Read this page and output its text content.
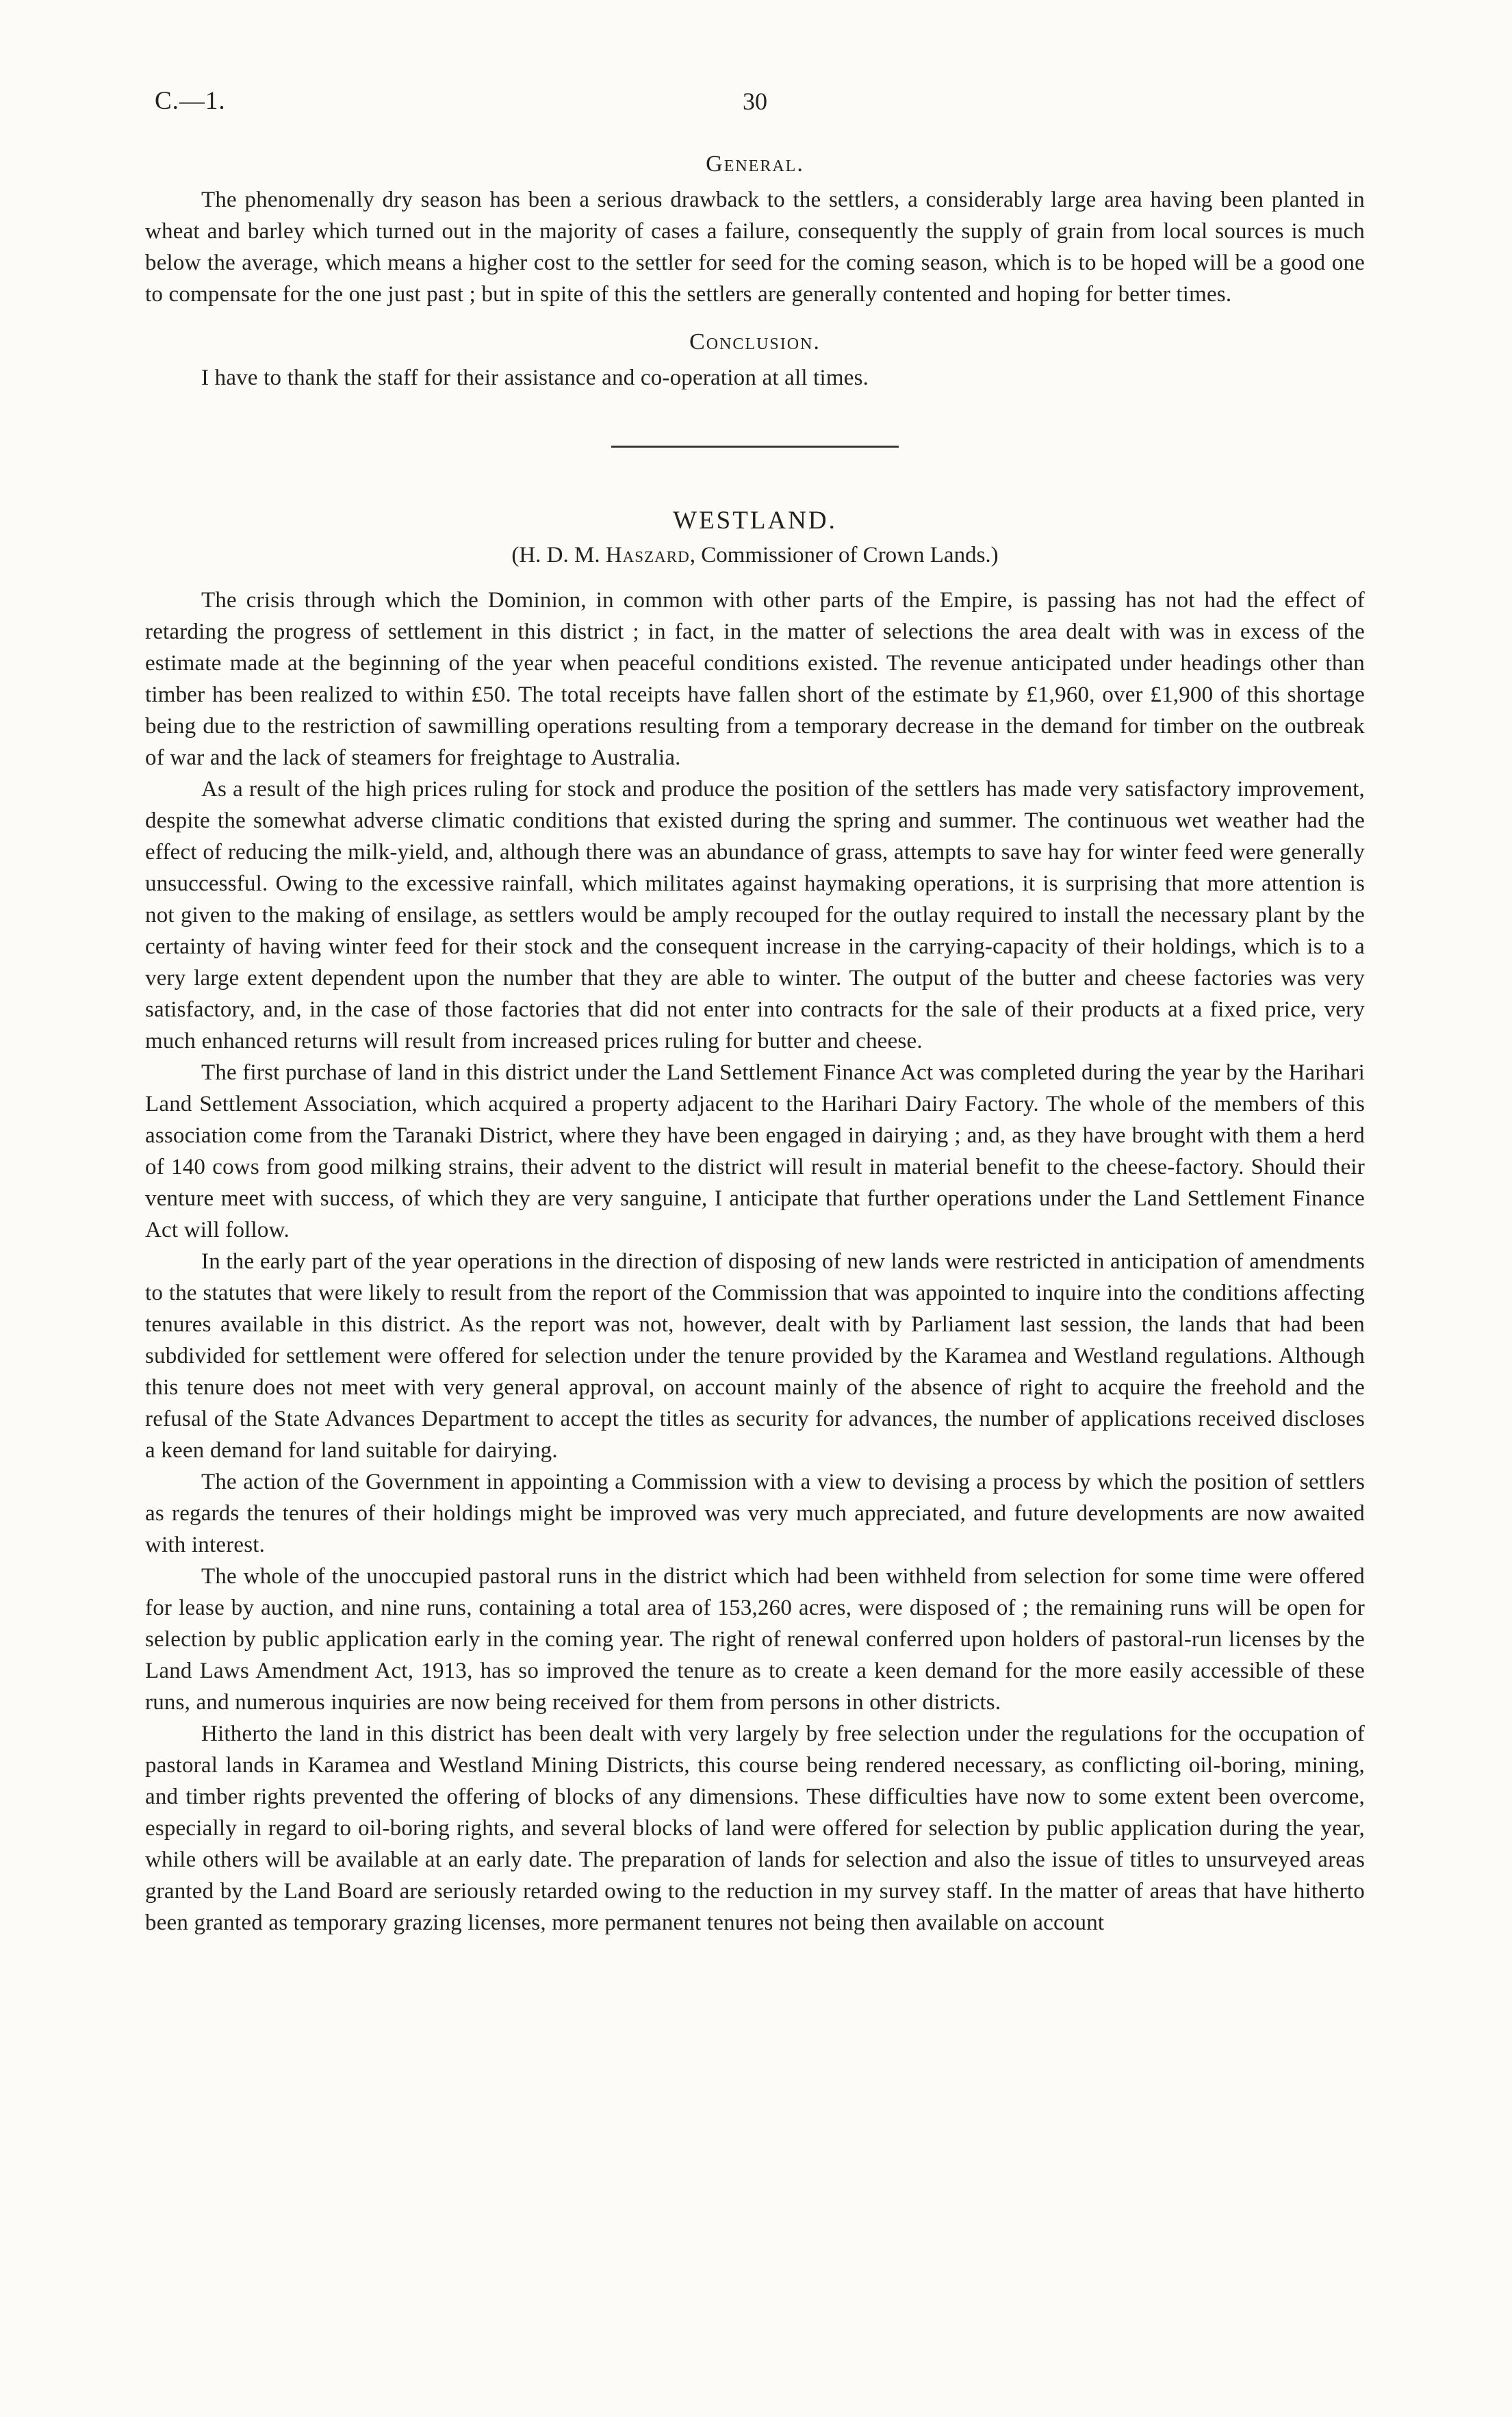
C.—1.	30
General.

The phenomenally dry season has been a serious drawback to the settlers, a considerably large area having been planted in wheat and barley which turned out in the majority of cases a failure, consequently the supply of grain from local sources is much below the average, which means a higher cost to the settler for seed for the coming season, which is to be hoped will be a good one to compensate for the one just past ; but in spite of this the settlers are generally contented and hoping for better times.

Conclusion.

I have to thank the staff for their assistance and co-operation at all times.

WESTLAND.
(H. D. M. Haszard, Commissioner of Crown Lands.)

The crisis through which the Dominion, in common with other parts of the Empire, is passing has not had the effect of retarding the progress of settlement in this district ; in fact, in the matter of selections the area dealt with was in excess of the estimate made at the beginning of the year when peaceful conditions existed. The revenue anticipated under headings other than timber has been realized to within £50. The total receipts have fallen short of the estimate by £1,960, over £1,900 of this shortage being due to the restriction of sawmilling operations resulting from a temporary decrease in the demand for timber on the outbreak of war and the lack of steamers for freightage to Australia.

As a result of the high prices ruling for stock and produce the position of the settlers has made very satisfactory improvement, despite the somewhat adverse climatic conditions that existed during the spring and summer. The continuous wet weather had the effect of reducing the milk-yield, and, although there was an abundance of grass, attempts to save hay for winter feed were generally unsuccessful. Owing to the excessive rainfall, which militates against haymaking operations, it is surprising that more attention is not given to the making of ensilage, as settlers would be amply recouped for the outlay required to install the necessary plant by the certainty of having winter feed for their stock and the consequent increase in the carrying-capacity of their holdings, which is to a very large extent dependent upon the number that they are able to winter. The output of the butter and cheese factories was very satisfactory, and, in the case of those factories that did not enter into contracts for the sale of their products at a fixed price, very much enhanced returns will result from increased prices ruling for butter and cheese.

The first purchase of land in this district under the Land Settlement Finance Act was completed during the year by the Harihari Land Settlement Association, which acquired a property adjacent to the Harihari Dairy Factory. The whole of the members of this association come from the Taranaki District, where they have been engaged in dairying ; and, as they have brought with them a herd of 140 cows from good milking strains, their advent to the district will result in material benefit to the cheese-factory. Should their venture meet with success, of which they are very sanguine, I anticipate that further operations under the Land Settlement Finance Act will follow.

In the early part of the year operations in the direction of disposing of new lands were restricted in anticipation of amendments to the statutes that were likely to result from the report of the Commission that was appointed to inquire into the conditions affecting tenures available in this district. As the report was not, however, dealt with by Parliament last session, the lands that had been subdivided for settlement were offered for selection under the tenure provided by the Karamea and Westland regulations. Although this tenure does not meet with very general approval, on account mainly of the absence of right to acquire the freehold and the refusal of the State Advances Department to accept the titles as security for advances, the number of applications received discloses a keen demand for land suitable for dairying.

The action of the Government in appointing a Commission with a view to devising a process by which the position of settlers as regards the tenures of their holdings might be improved was very much appreciated, and future developments are now awaited with interest.

The whole of the unoccupied pastoral runs in the district which had been withheld from selection for some time were offered for lease by auction, and nine runs, containing a total area of 153,260 acres, were disposed of ; the remaining runs will be open for selection by public application early in the coming year. The right of renewal conferred upon holders of pastoral-run licenses by the Land Laws Amendment Act, 1913, has so improved the tenure as to create a keen demand for the more easily accessible of these runs, and numerous inquiries are now being received for them from persons in other districts.

Hitherto the land in this district has been dealt with very largely by free selection under the regulations for the occupation of pastoral lands in Karamea and Westland Mining Districts, this course being rendered necessary, as conflicting oil-boring, mining, and timber rights prevented the offering of blocks of any dimensions. These difficulties have now to some extent been overcome, especially in regard to oil-boring rights, and several blocks of land were offered for selection by public application during the year, while others will be available at an early date. The preparation of lands for selection and also the issue of titles to unsurveyed areas granted by the Land Board are seriously retarded owing to the reduction in my survey staff. In the matter of areas that have hitherto been granted as temporary grazing licenses, more permanent tenures not being then available on account
